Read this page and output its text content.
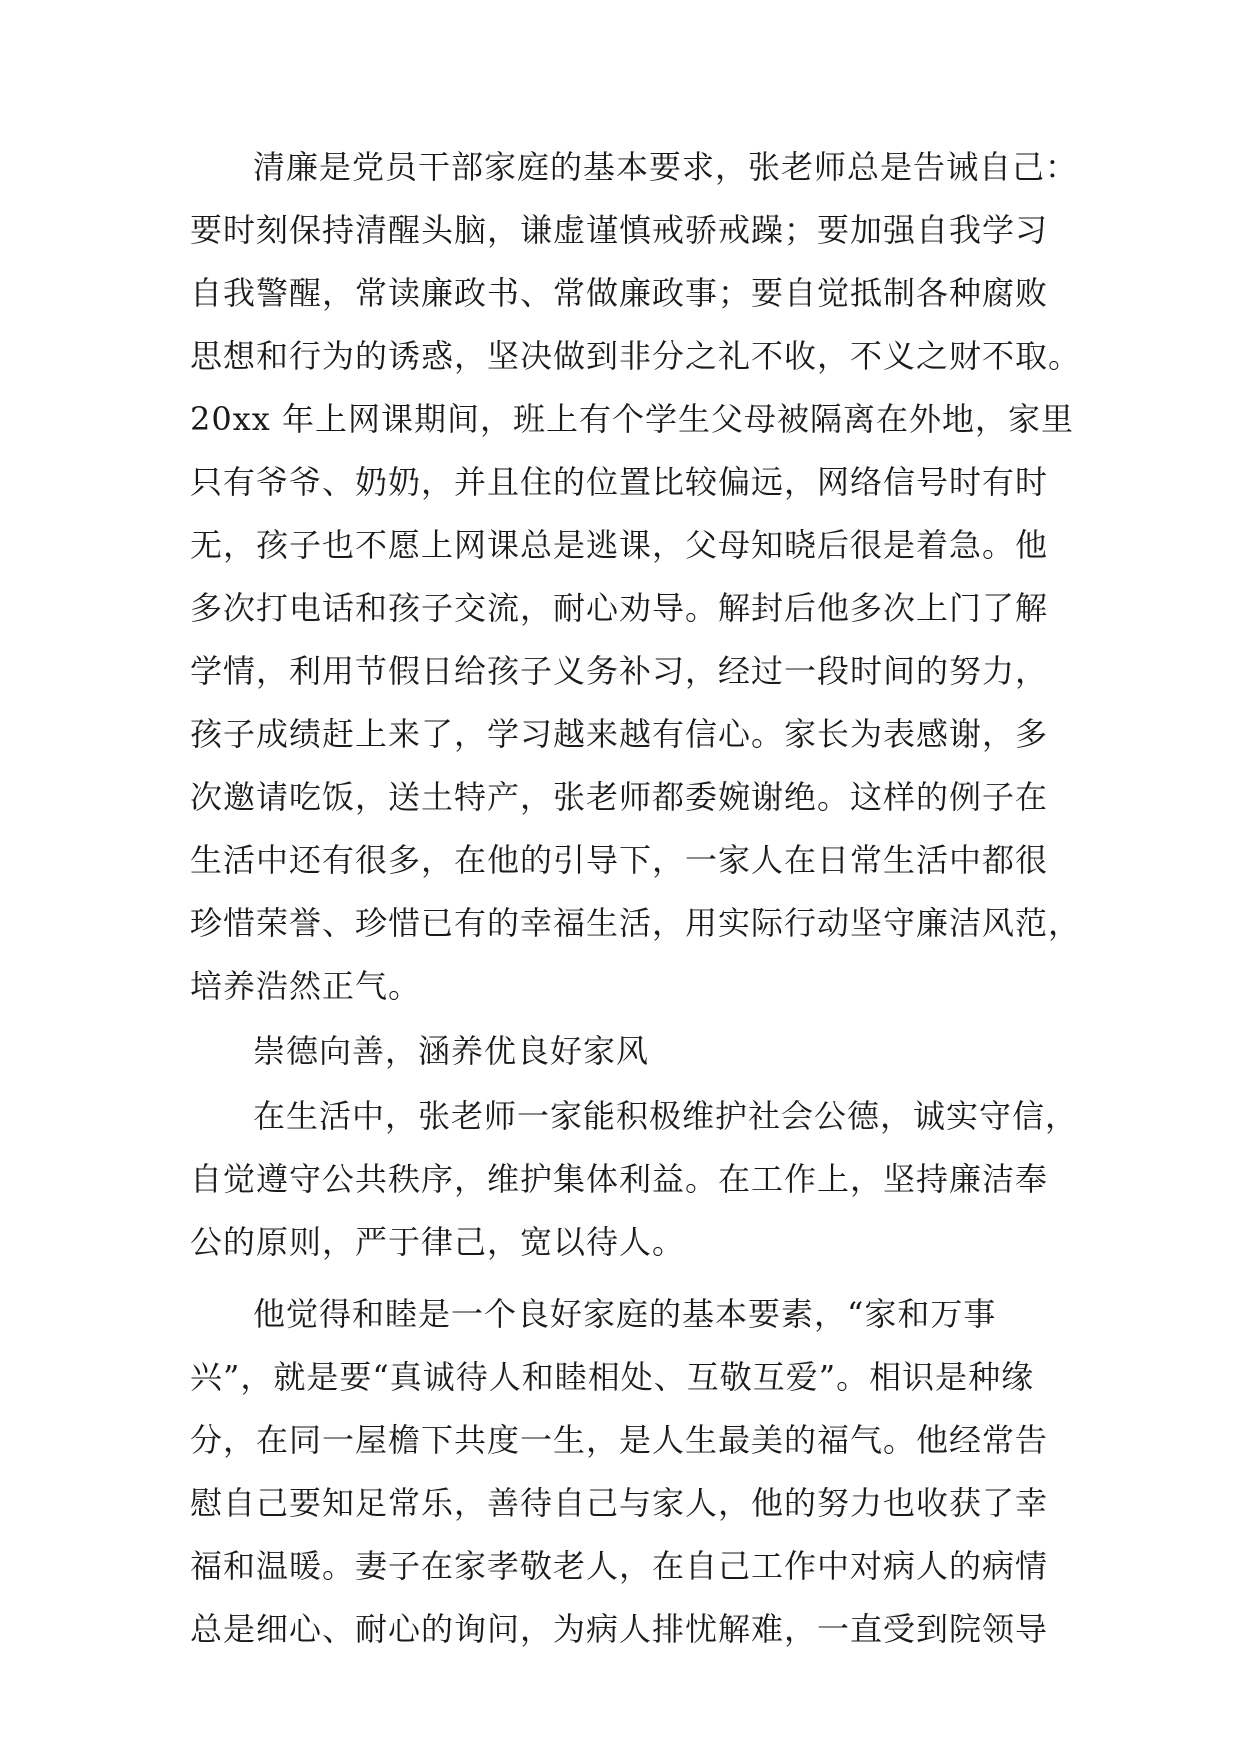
清廉是党员干部家庭的基本要求，张老师总是告诫自己：
要时刻保持清醒头脑，谦虚谨慎戒骄戒躁；要加强自我学习
自我警醒，常读廉政书、常做廉政事；要自觉抵制各种腐败
思想和行为的诱惑，坚决做到非分之礼不收，不义之财不取。
20xx 年上网课期间，班上有个学生父母被隔离在外地，家里
只有爷爷、奶奶，并且住的位置比较偏远，网络信号时有时
无，孩子也不愿上网课总是逃课，父母知晓后很是着急。他
多次打电话和孩子交流，耐心劝导。解封后他多次上门了解
学情，利用节假日给孩子义务补习，经过一段时间的努力，
孩子成绩赶上来了，学习越来越有信心。家长为表感谢，多
次邀请吃饭，送土特产，张老师都委婉谢绝。这样的例子在
生活中还有很多，在他的引导下，一家人在日常生活中都很
珍惜荣誉、珍惜已有的幸福生活，用实际行动坚守廉洁风范，
培养浩然正气。
崇德向善，涵养优良好家风
在生活中，张老师一家能积极维护社会公德，诚实守信，
自觉遵守公共秩序，维护集体利益。在工作上，坚持廉洁奉
公的原则，严于律己，宽以待人。
他觉得和睦是一个良好家庭的基本要素，“家和万事
兴”，就是要“真诚待人和睦相处、互敬互爱”。相识是种缘
分，在同一屋檐下共度一生，是人生最美的福气。他经常告
慰自己要知足常乐，善待自己与家人，他的努力也收获了幸
福和温暖。妻子在家孝敬老人，在自己工作中对病人的病情
总是细心、耐心的询问，为病人排忧解难，一直受到院领导
